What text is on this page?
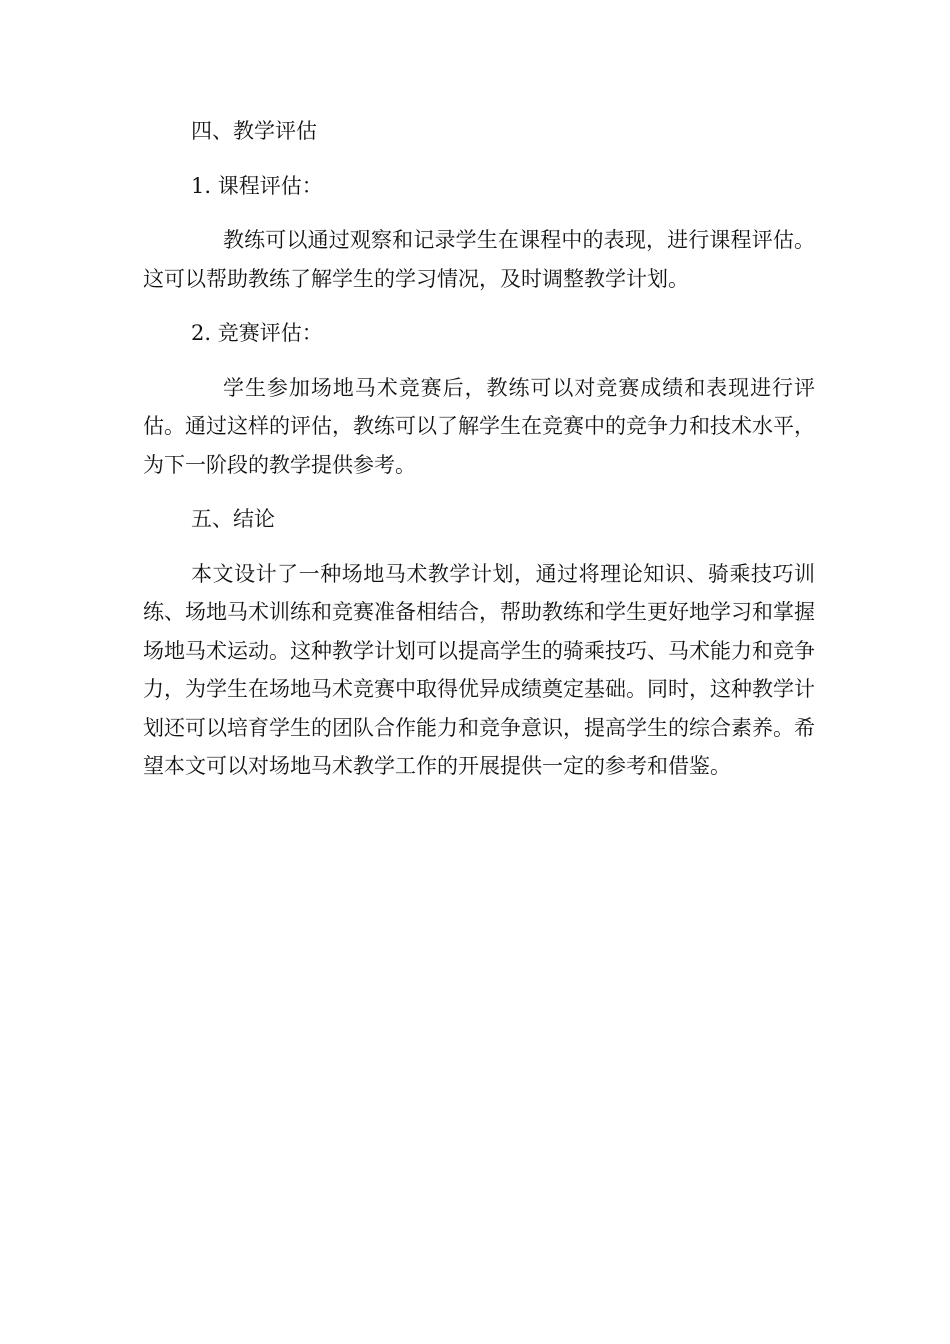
四、教学评估

1. 课程评估：

教练可以通过观察和记录学生在课程中的表现，进行课程评估。这可以帮助教练了解学生的学习情况，及时调整教学计划。

2. 竞赛评估：

学生参加场地马术竞赛后，教练可以对竞赛成绩和表现进行评估。通过这样的评估，教练可以了解学生在竞赛中的竞争力和技术水平，为下一阶段的教学提供参考。

五、结论

本文设计了一种场地马术教学计划，通过将理论知识、骑乘技巧训练、场地马术训练和竞赛准备相结合，帮助教练和学生更好地学习和掌握场地马术运动。这种教学计划可以提高学生的骑乘技巧、马术能力和竞争力，为学生在场地马术竞赛中取得优异成绩奠定基础。同时，这种教学计划还可以培育学生的团队合作能力和竞争意识，提高学生的综合素养。希望本文可以对场地马术教学工作的开展提供一定的参考和借鉴。
